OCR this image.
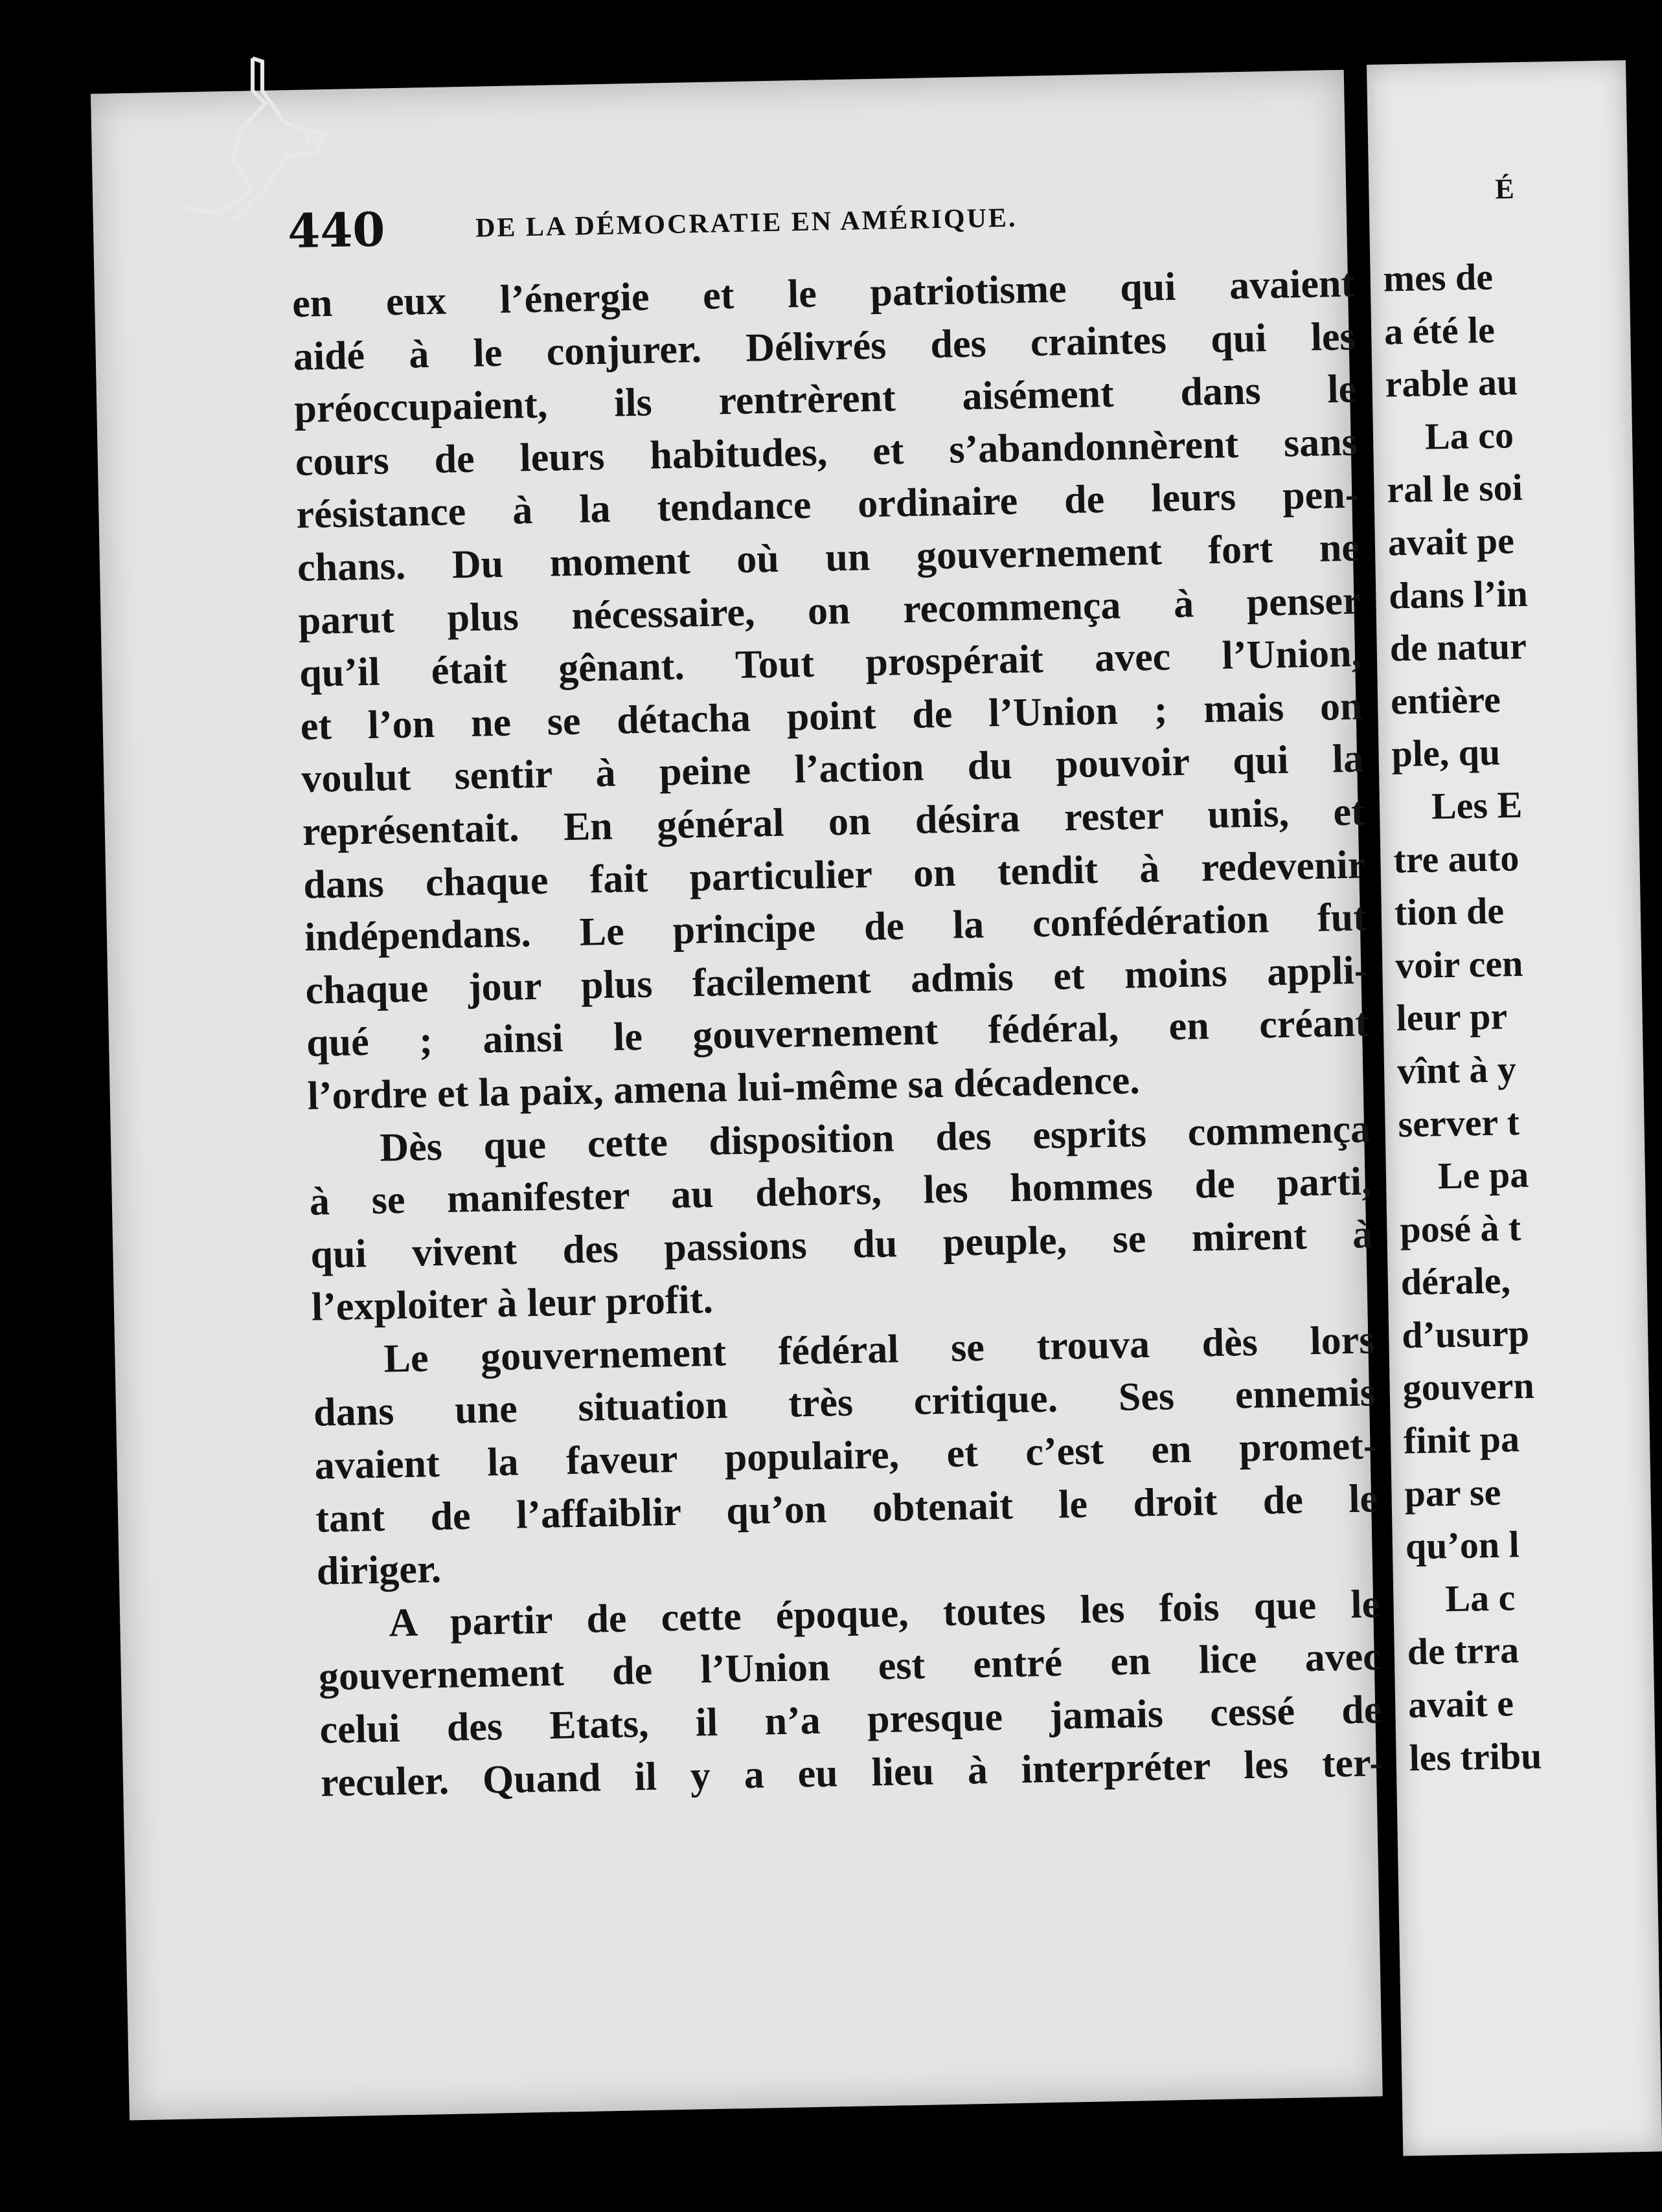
440	DE LA DÉMOCRATIE EN AMÉRIQUE.
en eux l’énergie et le patriotisme qui avaient
aidé à le conjurer. Délivrés des craintes qui les
préoccupaient, ils rentrèrent aisément dans le
cours de leurs habitudes, et s’abandonnèrent sans
résistance à la tendance ordinaire de leurs pen-
chans. Du moment où un gouvernement fort ne
parut plus nécessaire, on recommença à penser
qu’il était gênant. Tout prospérait avec l’Union,
et l’on ne se détacha point de l’Union ; mais on
voulut sentir à peine l’action du pouvoir qui la
représentait. En général on désira rester unis, et
dans chaque fait particulier on tendit à redevenir
indépendans. Le principe de la confédération fut
chaque jour plus facilement admis et moins appli-
qué ; ainsi le gouvernement fédéral, en créant
l’ordre et la paix, amena lui-même sa décadence.
Dès que cette disposition des esprits commença
à se manifester au dehors, les hommes de parti,
qui vivent des passions du peuple, se mirent à
l’exploiter à leur profit.
Le gouvernement fédéral se trouva dès lors
dans une situation très critique. Ses ennemis
avaient la faveur populaire, et c’est en promet-
tant de l’affaiblir qu’on obtenait le droit de le
diriger.
A partir de cette époque, toutes les fois que le
gouvernement de l’Union est entré en lice avec
celui des Etats, il n’a presque jamais cessé de
reculer. Quand il y a eu lieu à interpréter les ter-
É
mes de
a été le
rable au
La co
ral le soi
avait pe
dans l’in
de natur
entière
ple, qu
Les E
tre auto
tion de
voir cen
leur pr
vînt à y
server t
Le pa
posé à t
dérale,
d’usurp
gouvern
finit pa
par se
qu’on l
La c
de trra
avait e
les tribu
